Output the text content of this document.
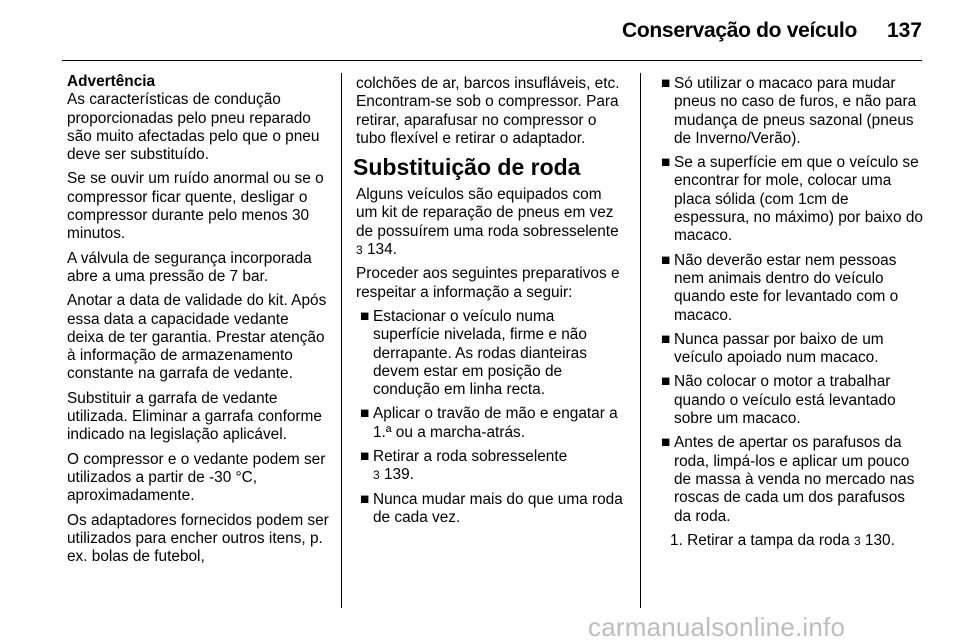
Conservação do veículo 137

Advertência

As características de condução proporcionadas pelo pneu reparado são muito afectadas pelo que o pneu deve ser substituído.

Se se ouvir um ruído anormal ou se o compressor ficar quente, desligar o compressor durante pelo menos 30 minutos.

A válvula de segurança incorporada abre a uma pressão de 7 bar.

Anotar a data de validade do kit. Após essa data a capacidade vedante deixa de ter garantia. Prestar atenção à informação de armazenamento constante na garrafa de vedante.

Substituir a garrafa de vedante utilizada. Eliminar a garrafa conforme indicado na legislação aplicável.

O compressor e o vedante podem ser utilizados a partir de -30 °C, aproximadamente.

Os adaptadores fornecidos podem ser utilizados para encher outros itens, p. ex. bolas de futebol,

colchões de ar, barcos insufláveis, etc. Encontram-se sob o compressor. Para retirar, aparafusar no compressor o tubo flexível e retirar o adaptador.

Substituição de roda

Alguns veículos são equipados com um kit de reparação de pneus em vez de possuírem uma roda sobresselente 3 134.

Proceder aos seguintes preparativos e respeitar a informação a seguir:

■ Estacionar o veículo numa superfície nivelada, firme e não derrapante. As rodas dianteiras devem estar em posição de condução em linha recta.
■ Aplicar o travão de mão e engatar a 1.ª ou a marcha-atrás.
■ Retirar a roda sobresselente
3 139.
■ Nunca mudar mais do que uma roda de cada vez.
■ Só utilizar o macaco para mudar pneus no caso de furos, e não para mudança de pneus sazonal (pneus de Inverno/Verão).
■ Se a superfície em que o veículo se encontrar for mole, colocar uma placa sólida (com 1cm de espessura, no máximo) por baixo do macaco.
■ Não deverão estar nem pessoas nem animais dentro do veículo quando este for levantado com o macaco.
■ Nunca passar por baixo de um veículo apoiado num macaco.
■ Não colocar o motor a trabalhar quando o veículo está levantado sobre um macaco.
■ Antes de apertar os parafusos da roda, limpá-los e aplicar um pouco de massa à venda no mercado nas roscas de cada um dos parafusos da roda.

1. Retirar a tampa da roda 3 130.

carmanualsonline.info
